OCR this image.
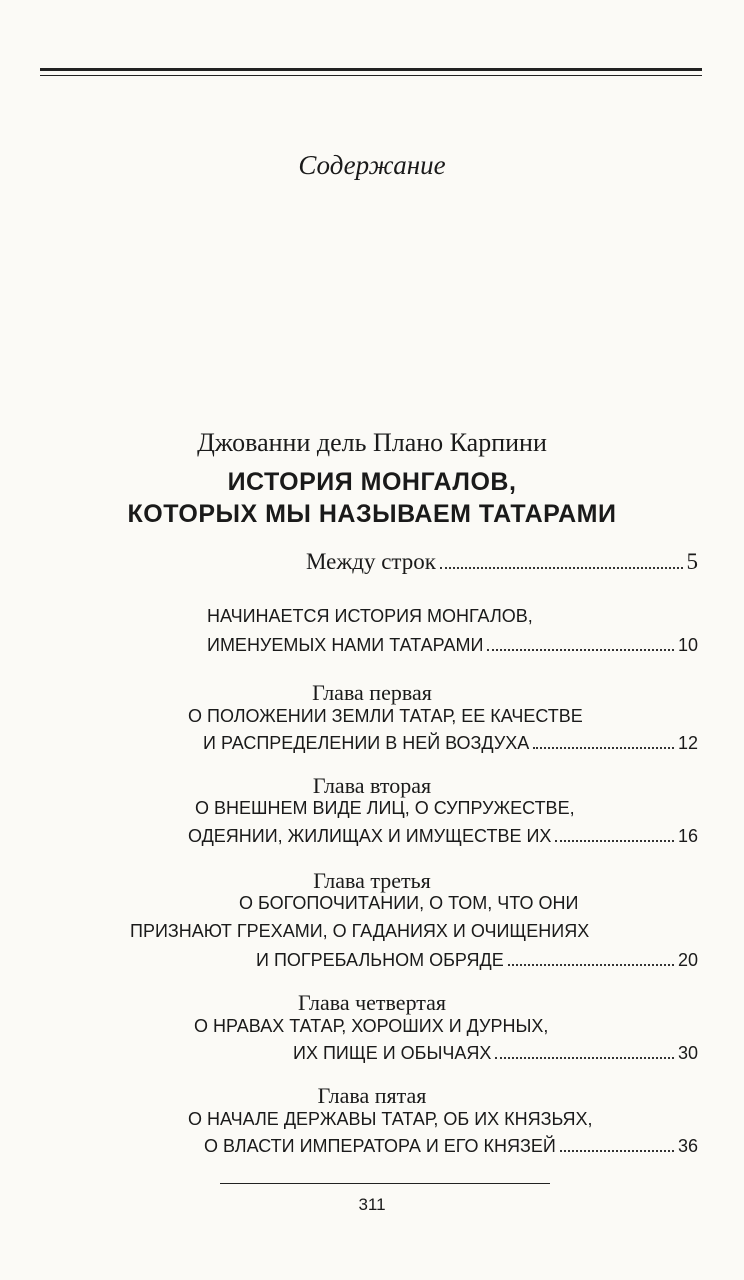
Содержание
Джованни дель Плано Карпини
ИСТОРИЯ МОНГАЛОВ,
КОТОРЫХ МЫ НАЗЫВАЕМ ТАТАРАМИ
Между строк	5
НАЧИНАЕТСЯ ИСТОРИЯ МОНГАЛОВ,
ИМЕНУЕМЫХ НАМИ ТАТАРАМИ	10
Глава первая
О ПОЛОЖЕНИИ ЗЕМЛИ ТАТАР, ЕЕ КАЧЕСТВЕ
И РАСПРЕДЕЛЕНИИ В НЕЙ ВОЗДУХА	12
Глава вторая
О ВНЕШНЕМ ВИДЕ ЛИЦ, О СУПРУЖЕСТВЕ,
ОДЕЯНИИ, ЖИЛИЩАХ И ИМУЩЕСТВЕ ИХ	16
Глава третья
О БОГОПОЧИТАНИИ, О ТОМ, ЧТО ОНИ
ПРИЗНАЮТ ГРЕХАМИ, О ГАДАНИЯХ И ОЧИЩЕНИЯХ
И ПОГРЕБАЛЬНОМ ОБРЯДЕ	20
Глава четвертая
О НРАВАХ ТАТАР, ХОРОШИХ И ДУРНЫХ,
ИХ ПИЩЕ И ОБЫЧАЯХ	30
Глава пятая
О НАЧАЛЕ ДЕРЖАВЫ ТАТАР, ОБ ИХ КНЯЗЬЯХ,
О ВЛАСТИ ИМПЕРАТОРА И ЕГО КНЯЗЕЙ	36
311
